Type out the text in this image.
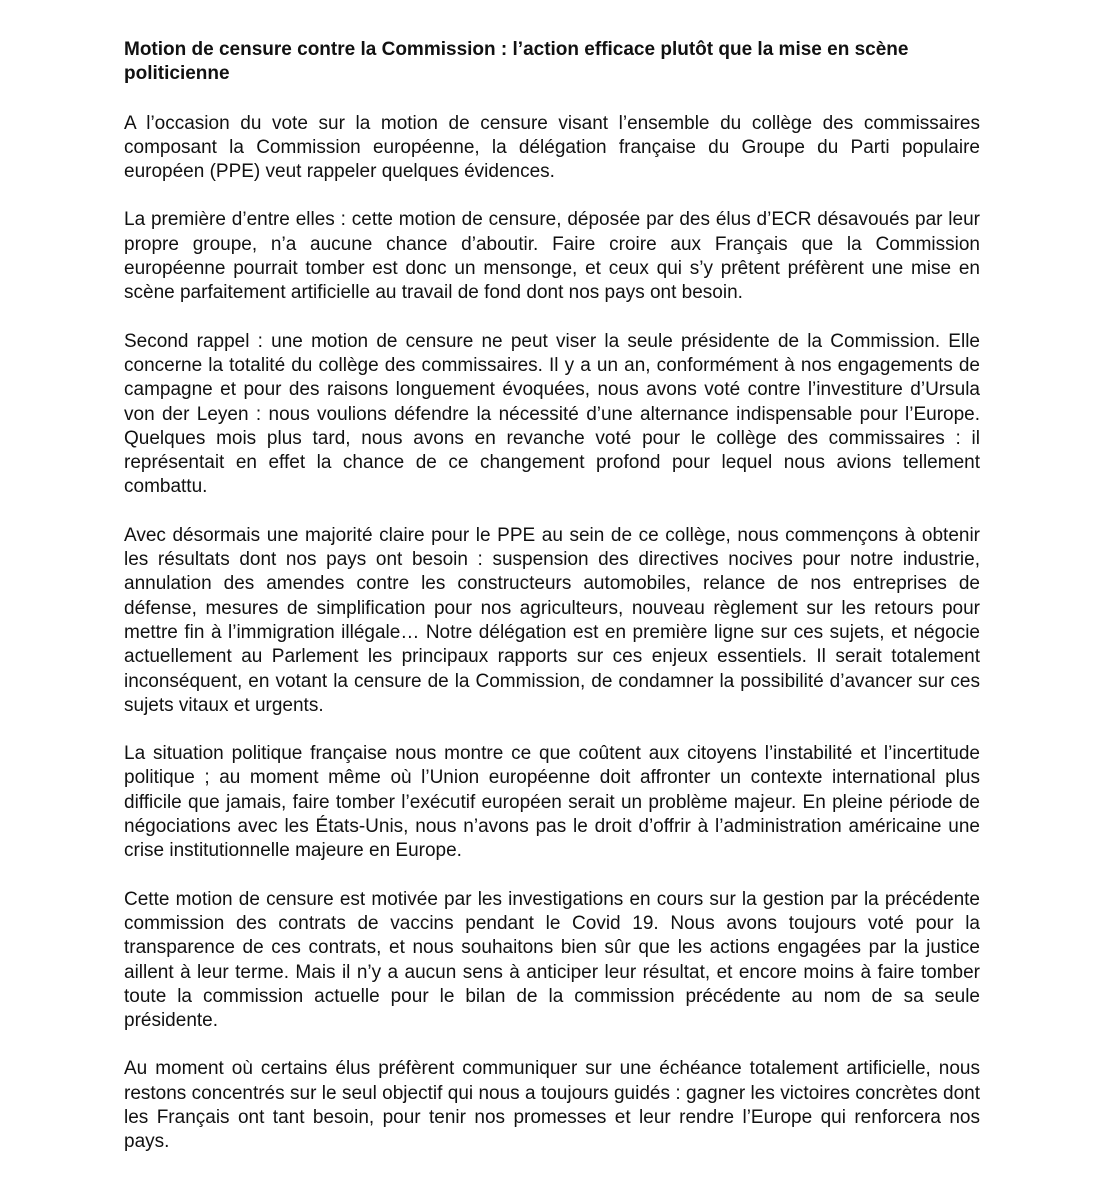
Motion de censure contre la Commission : l’action efficace plutôt que la mise en scène politicienne

A l’occasion du vote sur la motion de censure visant l’ensemble du collège des commissaires composant la Commission européenne, la délégation française du Groupe du Parti populaire européen (PPE) veut rappeler quelques évidences.

La première d’entre elles : cette motion de censure, déposée par des élus d’ECR désavoués par leur propre groupe, n’a aucune chance d’aboutir. Faire croire aux Français que la Commission européenne pourrait tomber est donc un mensonge, et ceux qui s’y prêtent préfèrent une mise en scène parfaitement artificielle au travail de fond dont nos pays ont besoin.

Second rappel : une motion de censure ne peut viser la seule présidente de la Commission. Elle concerne la totalité du collège des commissaires. Il y a un an, conformément à nos engagements de campagne et pour des raisons longuement évoquées, nous avons voté contre l’investiture d’Ursula von der Leyen : nous voulions défendre la nécessité d’une alternance indispensable pour l’Europe. Quelques mois plus tard, nous avons en revanche voté pour le collège des commissaires : il représentait en effet la chance de ce changement profond pour lequel nous avions tellement combattu.

Avec désormais une majorité claire pour le PPE au sein de ce collège, nous commençons à obtenir les résultats dont nos pays ont besoin : suspension des directives nocives pour notre industrie, annulation des amendes contre les constructeurs automobiles, relance de nos entreprises de défense, mesures de simplification pour nos agriculteurs, nouveau règlement sur les retours pour mettre fin à l’immigration illégale… Notre délégation est en première ligne sur ces sujets, et négocie actuellement au Parlement les principaux rapports sur ces enjeux essentiels. Il serait totalement inconséquent, en votant la censure de la Commission, de condamner la possibilité d’avancer sur ces sujets vitaux et urgents.

La situation politique française nous montre ce que coûtent aux citoyens l’instabilité et l’incertitude politique ; au moment même où l’Union européenne doit affronter un contexte international plus difficile que jamais, faire tomber l’exécutif européen serait un problème majeur. En pleine période de négociations avec les États-Unis, nous n’avons pas le droit d’offrir à l’administration américaine une crise institutionnelle majeure en Europe.

Cette motion de censure est motivée par les investigations en cours sur la gestion par la précédente commission des contrats de vaccins pendant le Covid 19. Nous avons toujours voté pour la transparence de ces contrats, et nous souhaitons bien sûr que les actions engagées par la justice aillent à leur terme. Mais il n’y a aucun sens à anticiper leur résultat, et encore moins à faire tomber toute la commission actuelle pour le bilan de la commission précédente au nom de sa seule présidente.

Au moment où certains élus préfèrent communiquer sur une échéance totalement artificielle, nous restons concentrés sur le seul objectif qui nous a toujours guidés : gagner les victoires concrètes dont les Français ont tant besoin, pour tenir nos promesses et leur rendre l’Europe qui renforcera nos pays.
